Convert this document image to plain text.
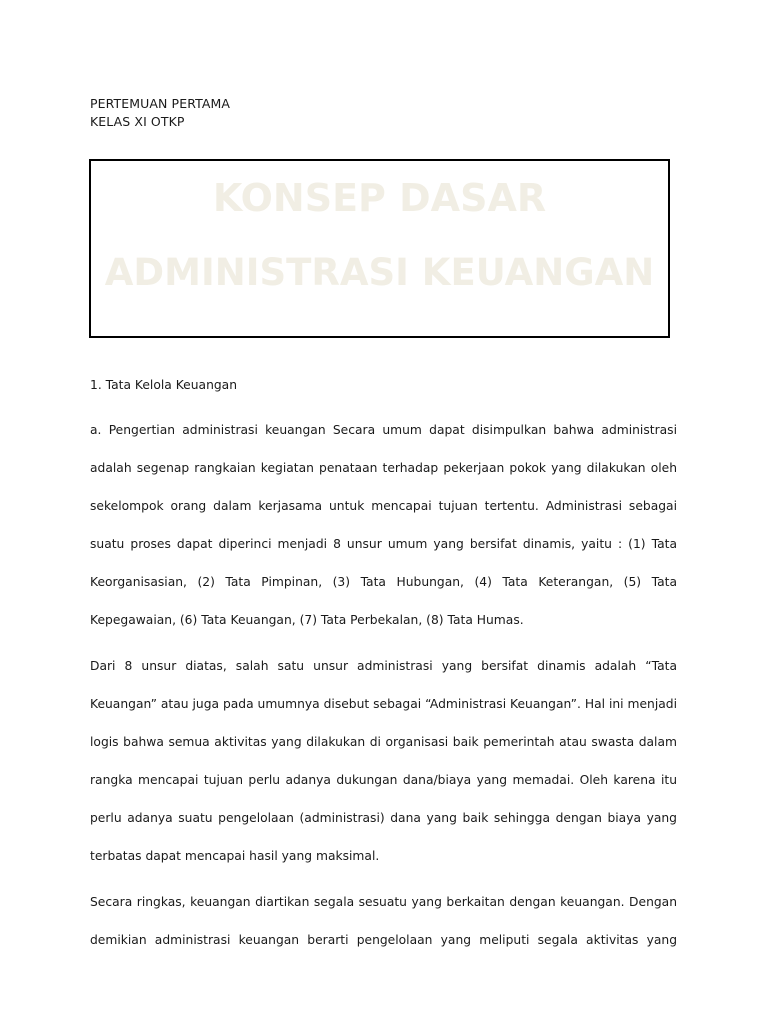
PERTEMUAN PERTAMA
KELAS XI OTKP
KONSEP DASAR
ADMINISTRASI KEUANGAN

1. Tata Kelola Keuangan

a. Pengertian administrasi keuangan Secara umum dapat disimpulkan bahwa administrasi adalah segenap rangkaian kegiatan penataan terhadap pekerjaan pokok yang dilakukan oleh sekelompok orang dalam kerjasama untuk mencapai tujuan tertentu. Administrasi sebagai suatu proses dapat diperinci menjadi 8 unsur umum yang bersifat dinamis, yaitu : (1) Tata Keorganisasian, (2) Tata Pimpinan, (3) Tata Hubungan, (4) Tata Keterangan, (5) Tata Kepegawaian, (6) Tata Keuangan, (7) Tata Perbekalan, (8) Tata Humas.

Dari 8 unsur diatas, salah satu unsur administrasi yang bersifat dinamis adalah “Tata Keuangan” atau juga pada umumnya disebut sebagai “Administrasi Keuangan”. Hal ini menjadi logis bahwa semua aktivitas yang dilakukan di organisasi baik pemerintah atau swasta dalam rangka mencapai tujuan perlu adanya dukungan dana/biaya yang memadai. Oleh karena itu perlu adanya suatu pengelolaan (administrasi) dana yang baik sehingga dengan biaya yang terbatas dapat mencapai hasil yang maksimal.

Secara ringkas, keuangan diartikan segala sesuatu yang berkaitan dengan keuangan. Dengan demikian administrasi keuangan berarti pengelolaan yang meliputi segala aktivitas yang
